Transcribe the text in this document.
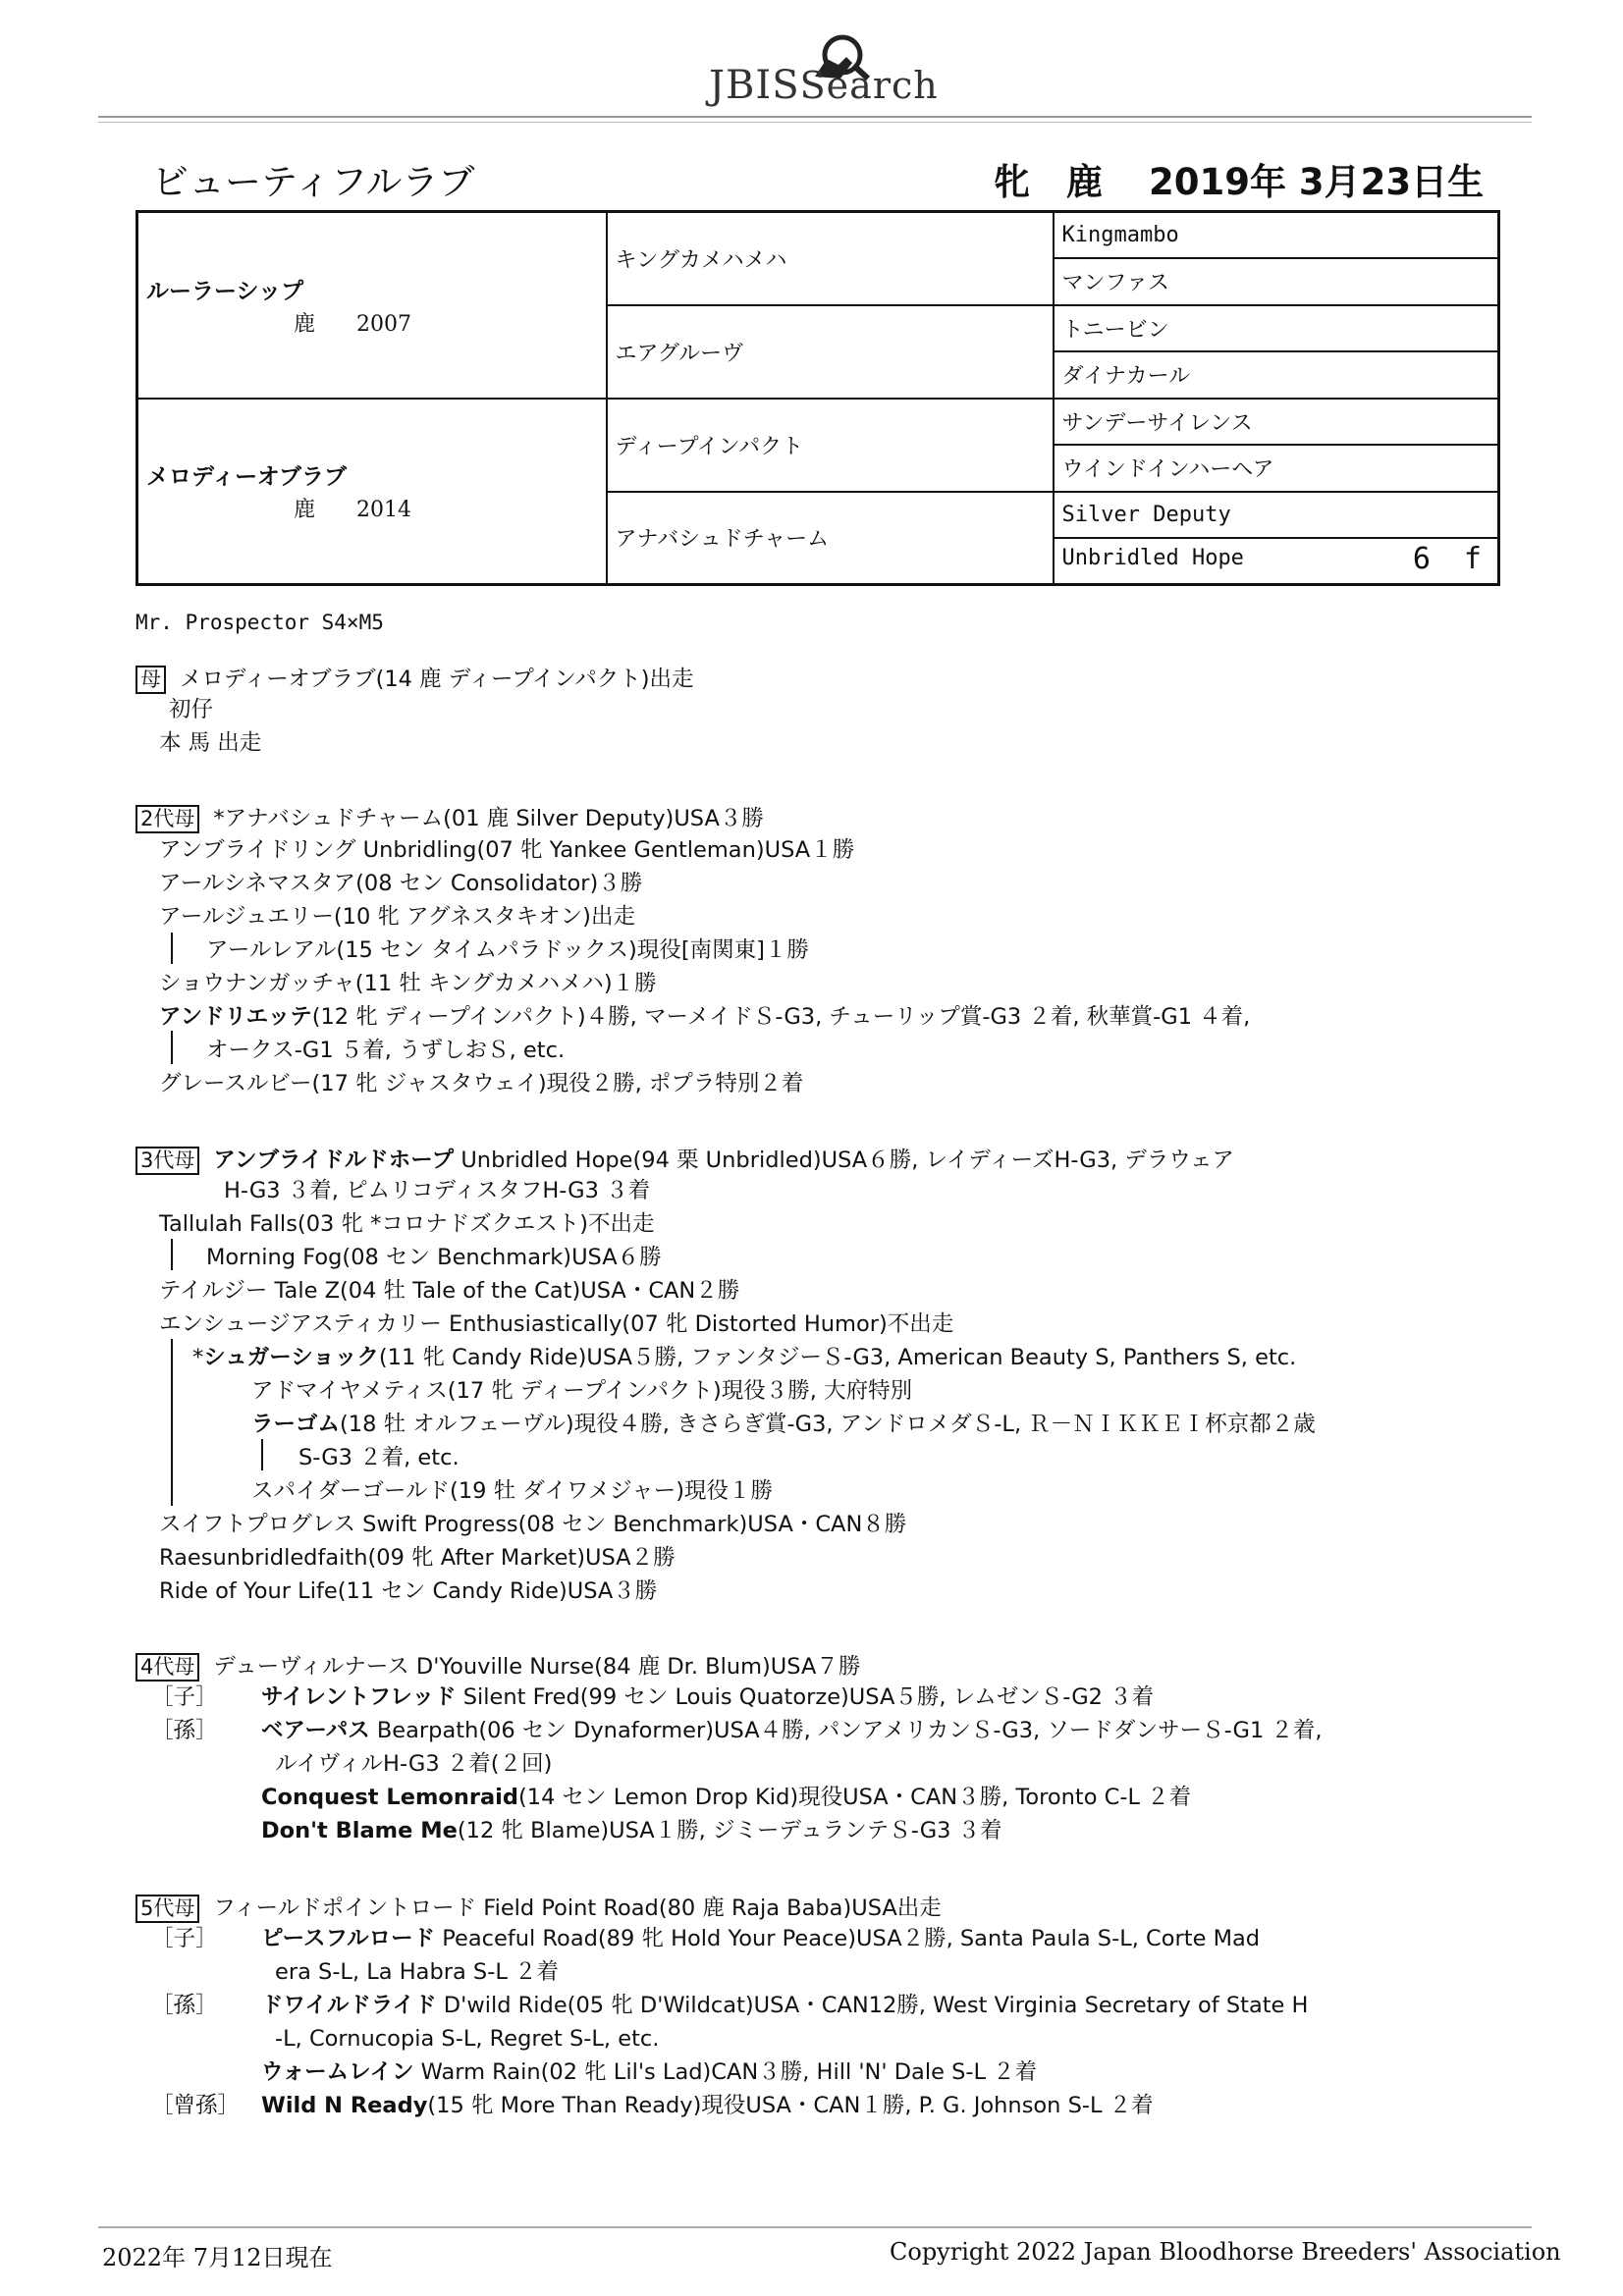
JBISSearch
ビューティフルラブ	牝 鹿 2019年 3月23日生
ルーラーシップ
鹿 2007	キングカメハメハ	Kingmambo
		マンファス
	エアグルーヴ	トニービン
		ダイナカール
メロディーオブラブ
鹿 2014	ディープインパクト	サンデーサイレンス
		ウインドインハーヘア
	アナバシュドチャーム	Silver Deputy
		Unbridled Hope 6 f
Mr. Prospector S4×M5
母 メロディーオブラブ(14 鹿 ディープインパクト)出走
初仔
本 馬 出走
2代母 *アナバシュドチャーム(01 鹿 Silver Deputy)USA３勝
アンブライドリング Unbridling(07 牝 Yankee Gentleman)USA１勝
アールシネマスタア(08 セン Consolidator)３勝
アールジュエリー(10 牝 アグネスタキオン)出走
アールレアル(15 セン タイムパラドックス)現役[南関東]１勝
ショウナンガッチャ(11 牡 キングカメハメハ)１勝
アンドリエッテ(12 牝 ディープインパクト)４勝, マーメイドＳ-G3, チューリップ賞-G3 ２着, 秋華賞-G1 ４着,
オークス-G1 ５着, うずしおＳ, etc.
グレースルビー(17 牝 ジャスタウェイ)現役２勝, ポプラ特別２着
3代母 アンブライドルドホープ Unbridled Hope(94 栗 Unbridled)USA６勝, レイディーズH-G3, デラウェア
H-G3 ３着, ピムリコディスタフH-G3 ３着
Tallulah Falls(03 牝 *コロナドズクエスト)不出走
Morning Fog(08 セン Benchmark)USA６勝
テイルジー Tale Z(04 牡 Tale of the Cat)USA・CAN２勝
エンシュージアスティカリー Enthusiastically(07 牝 Distorted Humor)不出走
*シュガーショック(11 牝 Candy Ride)USA５勝, ファンタジーＳ-G3, American Beauty S, Panthers S, etc.
アドマイヤメティス(17 牝 ディープインパクト)現役３勝, 大府特別
ラーゴム(18 牡 オルフェーヴル)現役４勝, きさらぎ賞-G3, アンドロメダＳ-L, Ｒ－ＮＩＫＫＥＩ杯京都２歳
S-G3 ２着, etc.
スパイダーゴールド(19 牡 ダイワメジャー)現役１勝
スイフトプログレス Swift Progress(08 セン Benchmark)USA・CAN８勝
Raesunbridledfaith(09 牝 After Market)USA２勝
Ride of Your Life(11 セン Candy Ride)USA３勝
4代母 デューヴィルナース D'Youville Nurse(84 鹿 Dr. Blum)USA７勝
［子］ サイレントフレッド Silent Fred(99 セン Louis Quatorze)USA５勝, レムゼンＳ-G2 ３着
［孫］ ベアーパス Bearpath(06 セン Dynaformer)USA４勝, パンアメリカンＳ-G3, ソードダンサーＳ-G1 ２着,
ルイヴィルH-G3 ２着(２回)
Conquest Lemonraid(14 セン Lemon Drop Kid)現役USA・CAN３勝, Toronto C-L ２着
Don't Blame Me(12 牝 Blame)USA１勝, ジミーデュランテＳ-G3 ３着
5代母 フィールドポイントロード Field Point Road(80 鹿 Raja Baba)USA出走
［子］ ピースフルロード Peaceful Road(89 牝 Hold Your Peace)USA２勝, Santa Paula S-L, Corte Mad
era S-L, La Habra S-L ２着
［孫］ ドワイルドライド D'wild Ride(05 牝 D'Wildcat)USA・CAN12勝, West Virginia Secretary of State H
-L, Cornucopia S-L, Regret S-L, etc.
ウォームレイン Warm Rain(02 牝 Lil's Lad)CAN３勝, Hill 'N' Dale S-L ２着
［曾孫］ Wild N Ready(15 牝 More Than Ready)現役USA・CAN１勝, P. G. Johnson S-L ２着
2022年 7月12日現在	Copyright 2022 Japan Bloodhorse Breeders' Association
